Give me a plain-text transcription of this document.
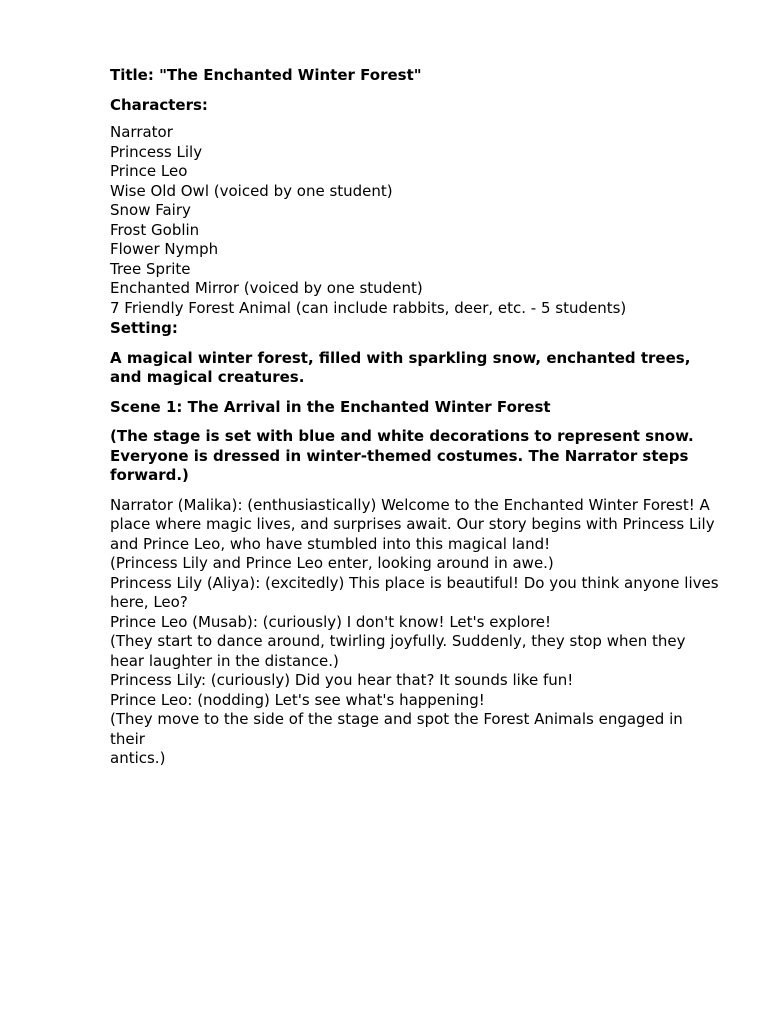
Title: "The Enchanted Winter Forest"

Characters:

Narrator

Princess Lily

Prince Leo

Wise Old Owl (voiced by one student)

Snow Fairy

Frost Goblin

Flower Nymph

Tree Sprite

Enchanted Mirror (voiced by one student)

7 Friendly Forest Animal (can include rabbits, deer, etc. - 5 students)

Setting:

A magical winter forest, filled with sparkling snow, enchanted trees, and magical creatures.

Scene 1: The Arrival in the Enchanted Winter Forest

(The stage is set with blue and white decorations to represent snow. Everyone is dressed in winter-themed costumes. The Narrator steps forward.)

Narrator (Malika): (enthusiastically) Welcome to the Enchanted Winter Forest! A place where magic lives, and surprises await. Our story begins with Princess Lily and Prince Leo, who have stumbled into this magical land!

(Princess Lily and Prince Leo enter, looking around in awe.)

Princess Lily (Aliya): (excitedly) This place is beautiful! Do you think anyone lives here, Leo?

Prince Leo (Musab): (curiously) I don't know! Let's explore!

(They start to dance around, twirling joyfully. Suddenly, they stop when they hear laughter in the distance.)

Princess Lily: (curiously) Did you hear that? It sounds like fun!

Prince Leo: (nodding) Let's see what's happening!

(They move to the side of the stage and spot the Forest Animals engaged in their

antics.)
